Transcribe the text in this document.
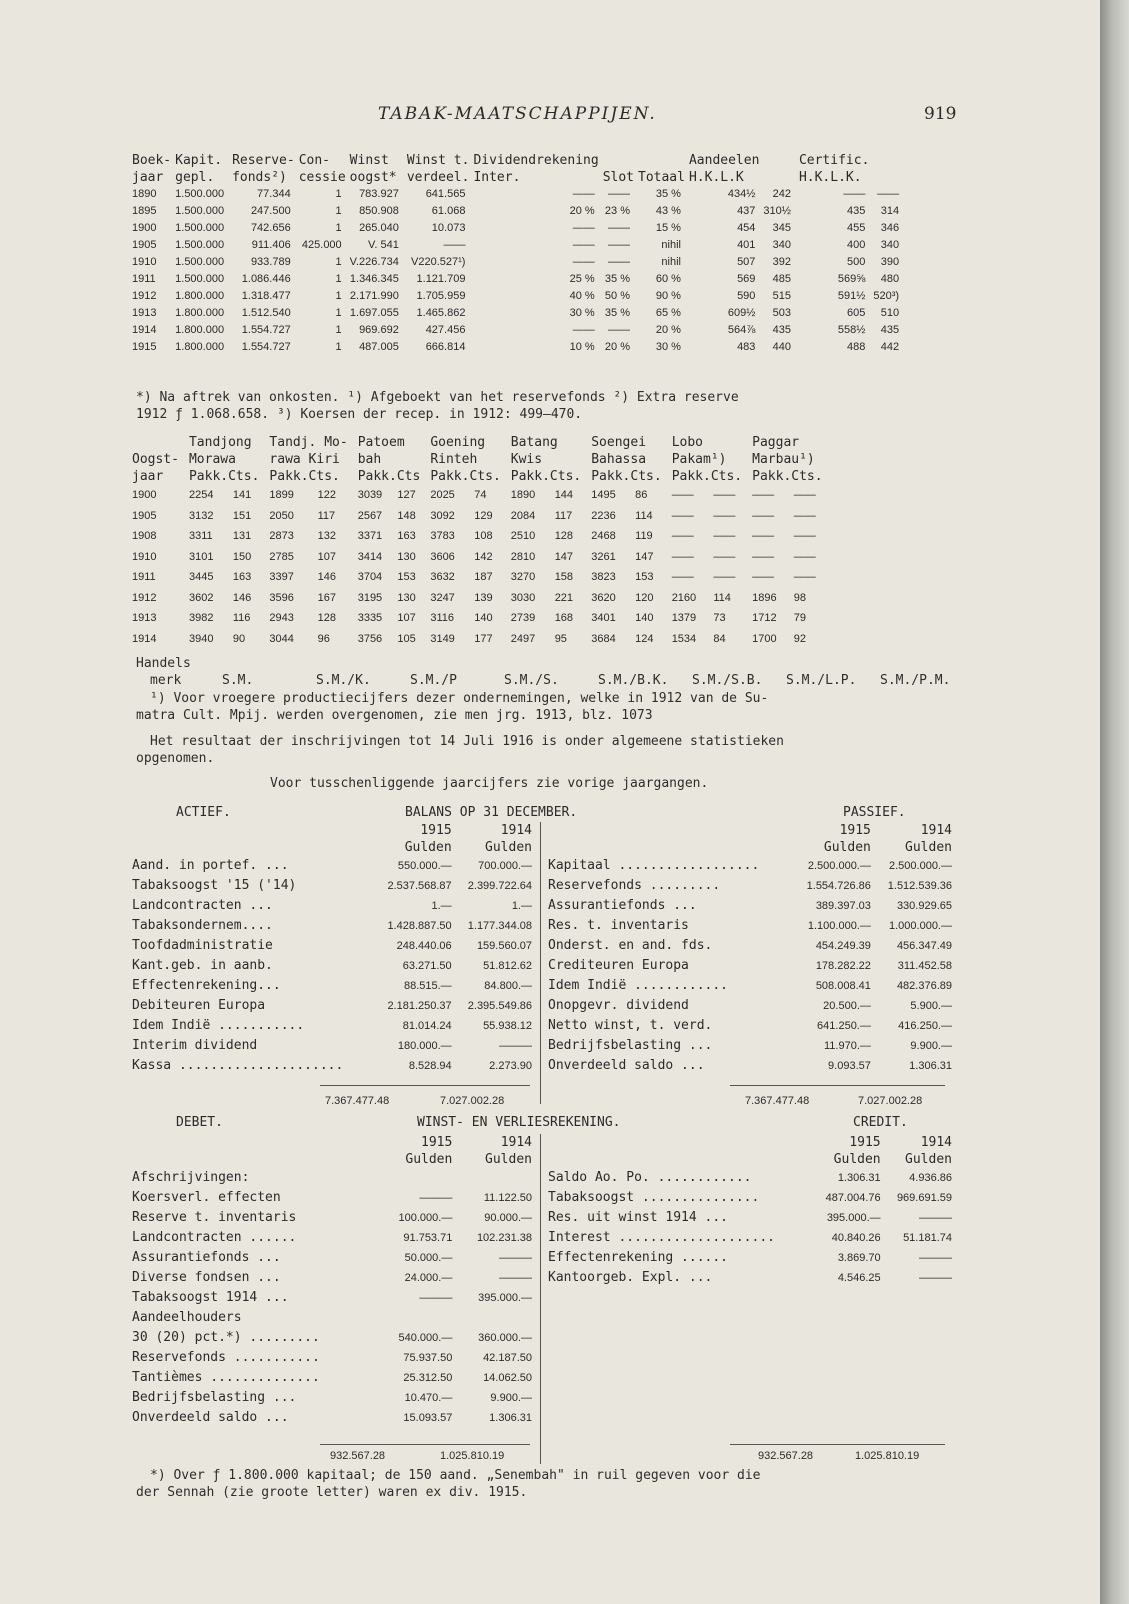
TABAK-MAATSCHAPPIJEN.	919
Boek-	Kapit.	Reserve-	Con-	Winst	Winst t.	Dividendrekening			Aandeelen		Certific.	
jaar	gepl.	fonds²)	cessie	oogst*	verdeel.	Inter.	Slot	Totaal	H.K.L.K		H.K.L.K.	
1890	1.500.000	77.344	1	783.927	641.565	——	——	35 %	434½	242	——	——
1895	1.500.000	247.500	1	850.908	61.068	20 %	23 %	43 %	437	310½	435	314
1900	1.500.000	742.656	1	265.040	10.073	——	——	15 %	454	345	455	346
1905	1.500.000	911.406	425.000	V. 541	——	——	——	nihil	401	340	400	340
1910	1.500.000	933.789	1	V.226.734	V220.527¹)	——	——	nihil	507	392	500	390
1911	1.500.000	1.086.446	1	1.346.345	1.121.709	25 %	35 %	60 %	569	485	569⅝	480
1912	1.800.000	1.318.477	1	2.171.990	1.705.959	40 %	50 %	90 %	590	515	591½	520³)
1913	1.800.000	1.512.540	1	1.697.055	1.465.862	30 %	35 %	65 %	609½	503	605	510
1914	1.800.000	1.554.727	1	969.692	427.456	——	——	20 %	564⅞	435	558½	435
1915	1.800.000	1.554.727	1	487.005	666.814	10 %	20 %	30 %	483	440	488	442
*) Na aftrek van onkosten. ¹) Afgeboekt van het reservefonds ²) Extra reserve
1912 ƒ 1.068.658. ³) Koersen der recep. in 1912: 499—470.
	Tandjong		Tandj. Mo-		Patoem		Goening		Batang		Soengei		Lobo		Paggar	
Oogst-	Morawa		rawa Kiri		bah		Rinteh		Kwis		Bahassa		Pakam¹)		Marbau¹)	
jaar	Pakk.Cts.		Pakk.Cts.		Pakk.Cts		Pakk.Cts.		Pakk.Cts.		Pakk.Cts.		Pakk.Cts.		Pakk.Cts.	
1900	2254	141	1899	122	3039	127	2025	74	1890	144	1495	86	——	——	——	——
1905	3132	151	2050	117	2567	148	3092	129	2084	117	2236	114	——	——	——	——
1908	3311	131	2873	132	3371	163	3783	108	2510	128	2468	119	——	——	——	——
1910	3101	150	2785	107	3414	130	3606	142	2810	147	3261	147	——	——	——	——
1911	3445	163	3397	146	3704	153	3632	187	3270	158	3823	153	——	——	——	——
1912	3602	146	3596	167	3195	130	3247	139	3030	221	3620	120	2160	114	1896	98
1913	3982	116	2943	128	3335	107	3116	140	2739	168	3401	140	1379	73	1712	79
1914	3940	90	3044	96	3756	105	3149	177	2497	95	3684	124	1534	84	1700	92
Handels
merk	S.M.	S.M./K.	S.M./P	S.M./S.	S.M./B.K. S.M./S.B. S.M./L.P. S.M./P.M.
¹) Voor vroegere productiecijfers dezer ondernemingen, welke in 1912 van de Su-
matra Cult. Mpij. werden overgenomen, zie men jrg. 1913, blz. 1073
Het resultaat der inschrijvingen tot 14 Juli 1916 is onder algemeene statistieken
opgenomen.
Voor tusschenliggende jaarcijfers zie vorige jaargangen.
ACTIEF.	BALANS OP 31 DECEMBER.	PASSIEF.
	1915	1914
	Gulden	Gulden
Aand. in portef. ...	550.000.—	700.000.—
Tabaksoogst '15 ('14)	2.537.568.87	2.399.722.64
Landcontracten ...	1.—	1.—
Tabaksondernem....	1.428.887.50	1.177.344.08
Toofdadministratie	248.440.06	159.560.07
Kant.geb. in aanb.	63.271.50	51.812.62
Effectenrekening...	88.515.—	84.800.—
Debiteuren Europa	2.181.250.37	2.395.549.86
Idem Indië ...........	81.014.24	55.938.12
Interim dividend	180.000.—	———
Kassa .....................	8.528.94	2.273.90
	1915	1914
	Gulden	Gulden
Kapitaal ..................	2.500.000.—	2.500.000.—
Reservefonds .........	1.554.726.86	1.512.539.36
Assurantiefonds ...	389.397.03	330.929.65
Res. t. inventaris	1.100.000.—	1.000.000.—
Onderst. en and. fds.	454.249.39	456.347.49
Crediteuren Europa	178.282.22	311.452.58
Idem Indië ............	508.008.41	482.376.89
Onopgevr. dividend	20.500.—	5.900.—
Netto winst, t. verd.	641.250.—	416.250.—
Bedrijfsbelasting ...	11.970.—	9.900.—
Onverdeeld saldo ...	9.093.57	1.306.31
7.367.477.48	7.027.002.28	7.367.477.48	7.027.002.28
DEBET.	WINST- EN VERLIESREKENING.	CREDIT.
	1915	1914
	Gulden	Gulden
Afschrijvingen:		
Koersverl. effecten	———	11.122.50
Reserve t. inventaris	100.000.—	90.000.—
Landcontracten ......	91.753.71	102.231.38
Assurantiefonds ...	50.000.—	———
Diverse fondsen ...	24.000.—	———
Tabaksoogst 1914 ...	———	395.000.—
Aandeelhouders		
30 (20) pct.*) .........	540.000.—	360.000.—
Reservefonds ...........	75.937.50	42.187.50
Tantièmes ..............	25.312.50	14.062.50
Bedrijfsbelasting ...	10.470.—	9.900.—
Onverdeeld saldo ...	15.093.57	1.306.31
	1915	1914
	Gulden	Gulden
Saldo Ao. Po. ............	1.306.31	4.936.86
Tabaksoogst ...............	487.004.76	969.691.59
Res. uit winst 1914 ...	395.000.—	———
Interest ....................	40.840.26	51.181.74
Effectenrekening ......	3.869.70	———
Kantoorgeb. Expl. ...	4.546.25	———
932.567.28	1.025.810.19	932.567.28	1.025.810.19
*) Over ƒ 1.800.000 kapitaal; de 150 aand. „Senembah" in ruil gegeven voor die
der Sennah (zie groote letter) waren ex div. 1915.
